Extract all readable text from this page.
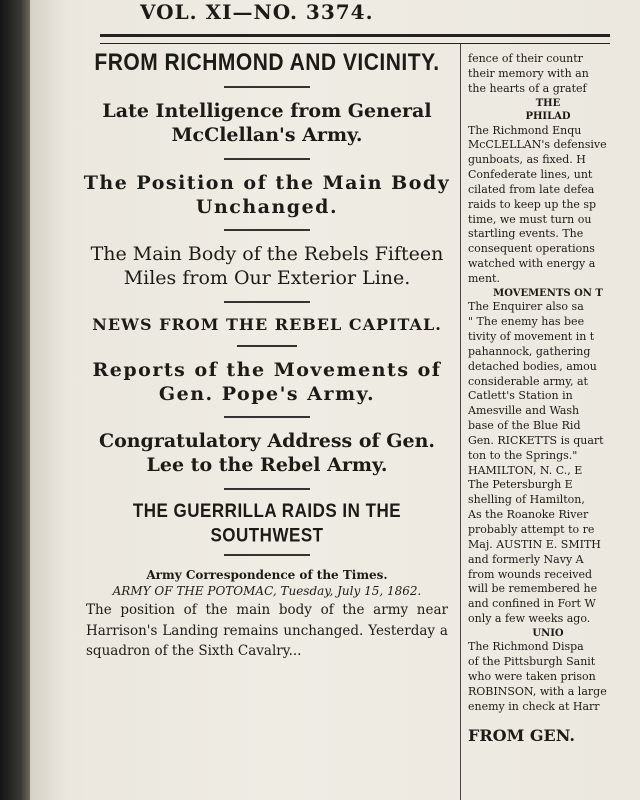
VOL. XI—NO. 3374.

FROM RICHMOND AND VICINITY.

Late Intelligence from General McClellan's Army.

The Position of the Main Body Unchanged.

The Main Body of the Rebels Fifteen Miles from Our Exterior Line.

NEWS FROM THE REBEL CAPITAL.

Reports of the Movements of Gen. Pope's Army.

Congratulatory Address of Gen. Lee to the Rebel Army.

THE GUERRILLA RAIDS IN THE SOUTHWEST

Army Correspondence of the Times.

ARMY OF THE POTOMAC, Tuesday, July 15, 1862.

The position of the main body of the army near Harrison's Landing remains unchanged. Yesterday a squadron of the Sixth Cavalry...

fence of their countr

their memory with an

the hearts of a gratef

THE

PHILAD

The Richmond Enqu

McCLELLAN's defensive

gunboats, as fixed. H

Confederate lines, unt

cilated from late defea

raids to keep up the sp

time, we must turn ou

startling events. The

consequent operations

watched with energy a

ment.

MOVEMENTS ON T

The Enquirer also sa

" The enemy has bee

tivity of movement in t

pahannock, gathering

detached bodies, amou

considerable army, at

Catlett's Station in

Amesville and Wash

base of the Blue Rid

Gen. RICKETTS is quart

ton to the Springs."

HAMILTON, N. C., E

The Petersburgh E

shelling of Hamilton,

As the Roanoke River

probably attempt to re

Maj. AUSTIN E. SMITH

and formerly Navy A

from wounds received

will be remembered he

and confined in Fort W

only a few weeks ago.

UNIO

The Richmond Dispa

of the Pittsburgh Sanit

who were taken prison

ROBINSON, with a large

enemy in check at Harr

FROM GEN.
